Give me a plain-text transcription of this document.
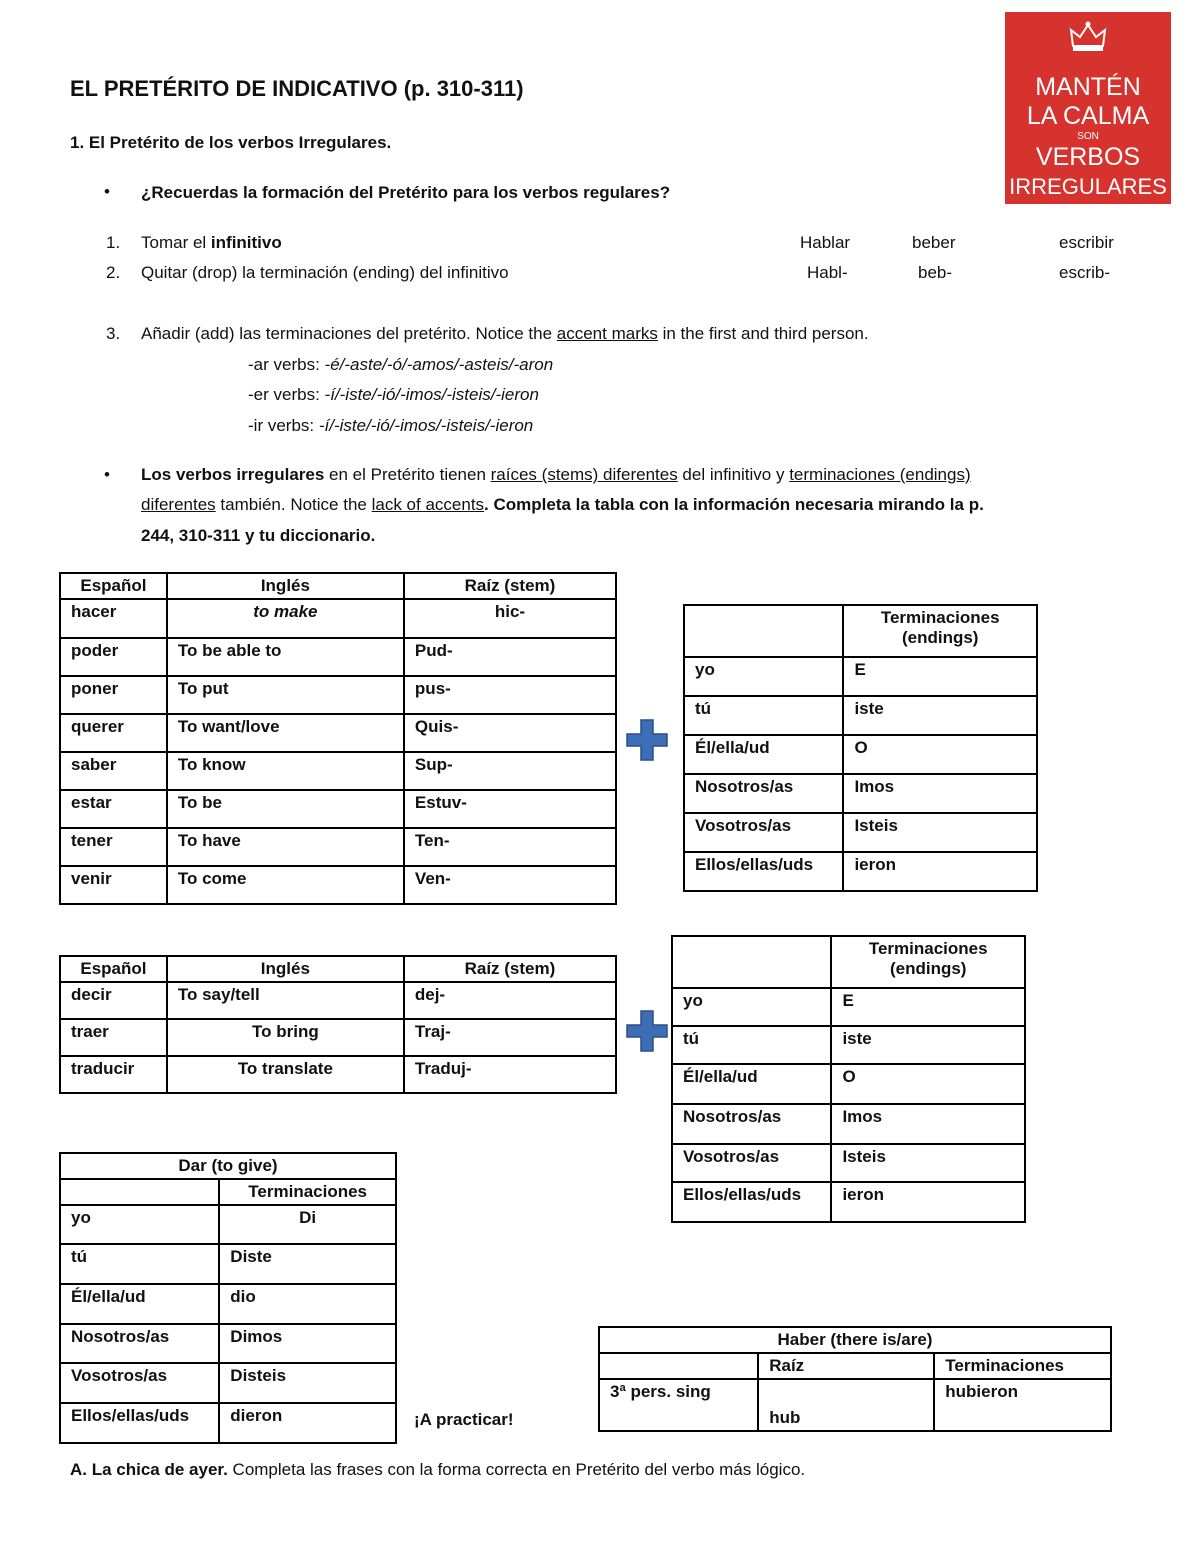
EL PRETÉRITO DE INDICATIVO (p. 310-311)
1. El Pretérito de los verbos Irregulares.
• ¿Recuerdas la formación del Pretérito para los verbos regulares?
1. Tomar el infinitivo	Hablar	beber	escribir
2. Quitar (drop) la terminación (ending) del infinitivo	Habl-	beb-	escrib-
3. Añadir (add) las terminaciones del pretérito. Notice the accent marks in the first and third person.
-ar verbs: -é/-aste/-ó/-amos/-asteis/-aron
-er verbs: -í/-iste/-ió/-imos/-isteis/-ieron
-ir verbs: -í/-iste/-ió/-imos/-isteis/-ieron
• Los verbos irregulares en el Pretérito tienen raíces (stems) diferentes del infinitivo y terminaciones (endings)
diferentes también. Notice the lack of accents. Completa la tabla con la información necesaria mirando la p.
244, 310-311 y tu diccionario.
MANTÉN
LA CALMA
SON
VERBOS
IRREGULARES
Español	Inglés	Raíz (stem)
hacer	to make	hic-
poder	To be able to	Pud-
poner	To put	pus-
querer	To want/love	Quis-
saber	To know	Sup-
estar	To be	Estuv-
tener	To have	Ten-
venir	To come	Ven-
	Terminaciones
(endings)
yo	E
tú	iste
Él/ella/ud	O
Nosotros/as	Imos
Vosotros/as	Isteis
Ellos/ellas/uds	ieron
Español	Inglés	Raíz (stem)
decir	To say/tell	dej-
traer	To bring	Traj-
traducir	To translate	Traduj-
	Terminaciones
(endings)
yo	E
tú	iste
Él/ella/ud	O
Nosotros/as	Imos
Vosotros/as	Isteis
Ellos/ellas/uds	ieron
Dar (to give)	
	Terminaciones
yo	Di
tú	Diste
Él/ella/ud	dio
Nosotros/as	Dimos
Vosotros/as	Disteis
Ellos/ellas/uds	dieron	¡A practicar!
Haber (there is/are)		
	Raíz	Terminaciones
3ª pers. sing	hub	hubieron
A. La chica de ayer. Completa las frases con la forma correcta en Pretérito del verbo más lógico.
